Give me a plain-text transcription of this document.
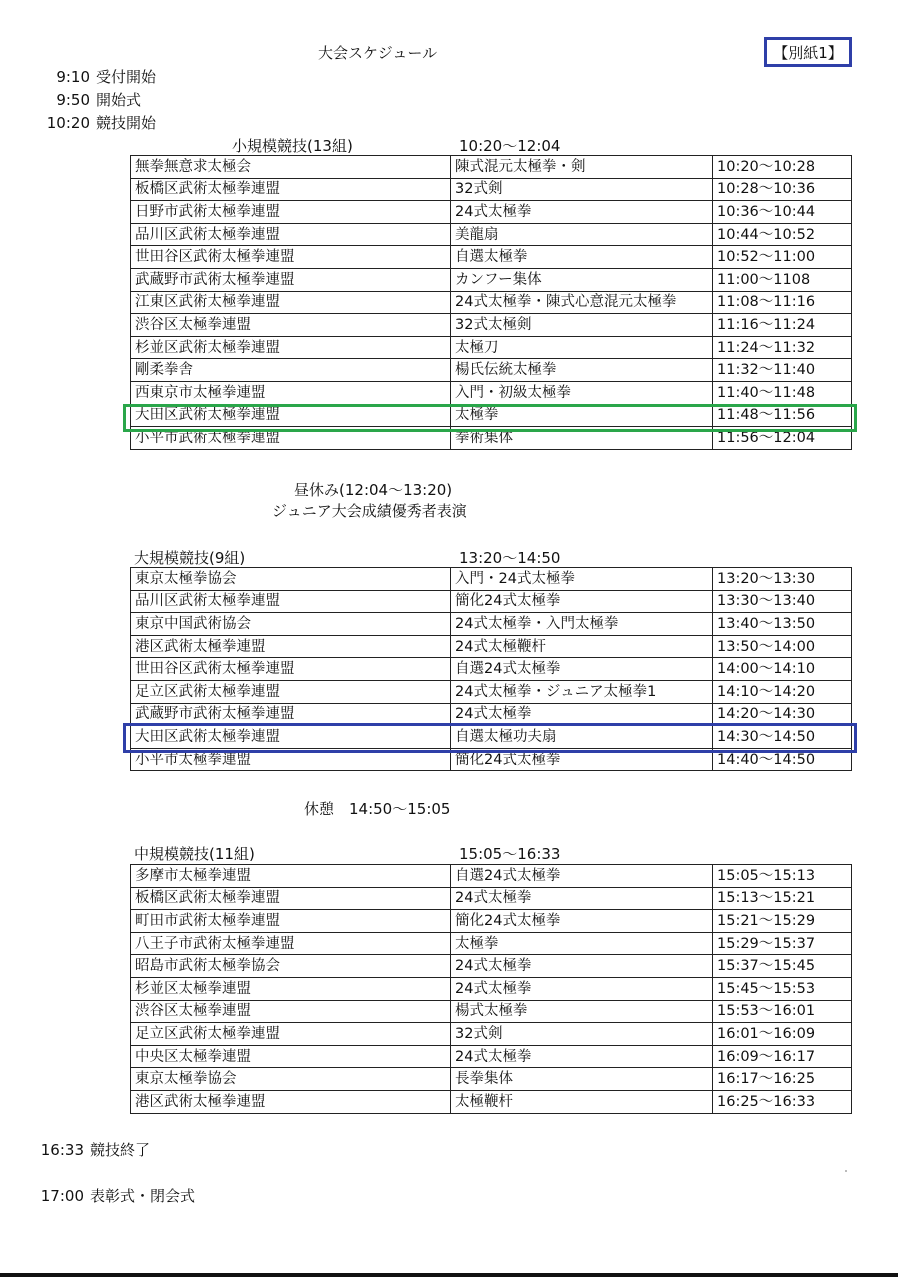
大会スケジュール	【別紙1】
9:10 受付開始
9:50 開始式
10:20 競技開始
小規模競技(13組)	10:20～12:04
無拳無意求太極会	陳式混元太極拳・剣	10:20～10:28
板橋区武術太極拳連盟	32式剣	10:28～10:36
日野市武術太極拳連盟	24式太極拳	10:36～10:44
品川区武術太極拳連盟	美龍扇	10:44～10:52
世田谷区武術太極拳連盟	自選太極拳	10:52～11:00
武蔵野市武術太極拳連盟	カンフー集体	11:00～1108
江東区武術太極拳連盟	24式太極拳・陳式心意混元太極拳	11:08～11:16
渋谷区太極拳連盟	32式太極剣	11:16～11:24
杉並区武術太極拳連盟	太極刀	11:24～11:32
剛柔拳舎	楊氏伝統太極拳	11:32～11:40
西東京市太極拳連盟	入門・初級太極拳	11:40～11:48
大田区武術太極拳連盟	太極拳	11:48～11:56
小平市武術太極拳連盟	拳術集体	11:56～12:04
昼休み(12:04～13:20)
ジュニア大会成績優秀者表演
大規模競技(9組)	13:20～14:50
東京太極拳協会	入門・24式太極拳	13:20～13:30
品川区武術太極拳連盟	簡化24式太極拳	13:30～13:40
東京中国武術協会	24式太極拳・入門太極拳	13:40～13:50
港区武術太極拳連盟	24式太極鞭杆	13:50～14:00
世田谷区武術太極拳連盟	自選24式太極拳	14:00～14:10
足立区武術太極拳連盟	24式太極拳・ジュニア太極拳1	14:10～14:20
武蔵野市武術太極拳連盟	24式太極拳	14:20～14:30
大田区武術太極拳連盟	自選太極功夫扇	14:30～14:50
小平市太極拳連盟	簡化24式太極拳	14:40～14:50
休憩　14:50～15:05
中規模競技(11組)	15:05～16:33
多摩市太極拳連盟	自選24式太極拳	15:05～15:13
板橋区武術太極拳連盟	24式太極拳	15:13～15:21
町田市武術太極拳連盟	簡化24式太極拳	15:21～15:29
八王子市武術太極拳連盟	太極拳	15:29～15:37
昭島市武術太極拳協会	24式太極拳	15:37～15:45
杉並区太極拳連盟	24式太極拳	15:45～15:53
渋谷区太極拳連盟	楊式太極拳	15:53～16:01
足立区武術太極拳連盟	32式剣	16:01～16:09
中央区太極拳連盟	24式太極拳	16:09～16:17
東京太極拳協会	長拳集体	16:17～16:25
港区武術太極拳連盟	太極鞭杆	16:25～16:33
16:33 競技終了
17:00 表彰式・閉会式
